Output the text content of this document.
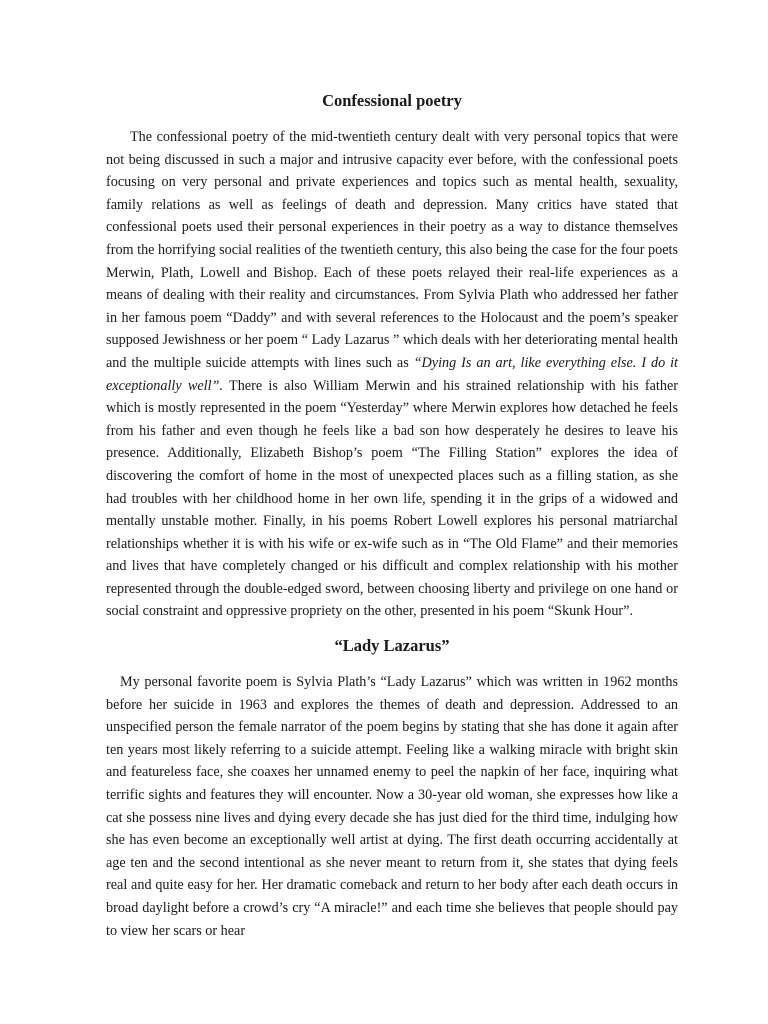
Confessional poetry

The confessional poetry of the mid-twentieth century dealt with very personal topics that were not being discussed in such a major and intrusive capacity ever before, with the confessional poets focusing on very personal and private experiences and topics such as mental health, sexuality, family relations as well as feelings of death and depression. Many critics have stated that confessional poets used their personal experiences in their poetry as a way to distance themselves from the horrifying social realities of the twentieth century, this also being the case for the four poets Merwin, Plath, Lowell and Bishop. Each of these poets relayed their real-life experiences as a means of dealing with their reality and circumstances. From Sylvia Plath who addressed her father in her famous poem “Daddy” and with several references to the Holocaust and the poem’s speaker supposed Jewishness or her poem “ Lady Lazarus ” which deals with her deteriorating mental health and the multiple suicide attempts with lines such as “Dying Is an art, like everything else. I do it exceptionally well”. There is also William Merwin and his strained relationship with his father which is mostly represented in the poem “Yesterday” where Merwin explores how detached he feels from his father and even though he feels like a bad son how desperately he desires to leave his presence. Additionally, Elizabeth Bishop’s poem “The Filling Station” explores the idea of discovering the comfort of home in the most of unexpected places such as a filling station, as she had troubles with her childhood home in her own life, spending it in the grips of a widowed and mentally unstable mother. Finally, in his poems Robert Lowell explores his personal matriarchal relationships whether it is with his wife or ex-wife such as in “The Old Flame” and their memories and lives that have completely changed or his difficult and complex relationship with his mother represented through the double-edged sword, between choosing liberty and privilege on one hand or social constraint and oppressive propriety on the other, presented in his poem “Skunk Hour”.

“Lady Lazarus”

My personal favorite poem is Sylvia Plath’s “Lady Lazarus” which was written in 1962 months before her suicide in 1963 and explores the themes of death and depression. Addressed to an unspecified person the female narrator of the poem begins by stating that she has done it again after ten years most likely referring to a suicide attempt. Feeling like a walking miracle with bright skin and featureless face, she coaxes her unnamed enemy to peel the napkin of her face, inquiring what terrific sights and features they will encounter. Now a 30-year old woman, she expresses how like a cat she possess nine lives and dying every decade she has just died for the third time, indulging how she has even become an exceptionally well artist at dying. The first death occurring accidentally at age ten and the second intentional as she never meant to return from it, she states that dying feels real and quite easy for her. Her dramatic comeback and return to her body after each death occurs in broad daylight before a crowd’s cry “A miracle!” and each time she believes that people should pay to view her scars or hear
